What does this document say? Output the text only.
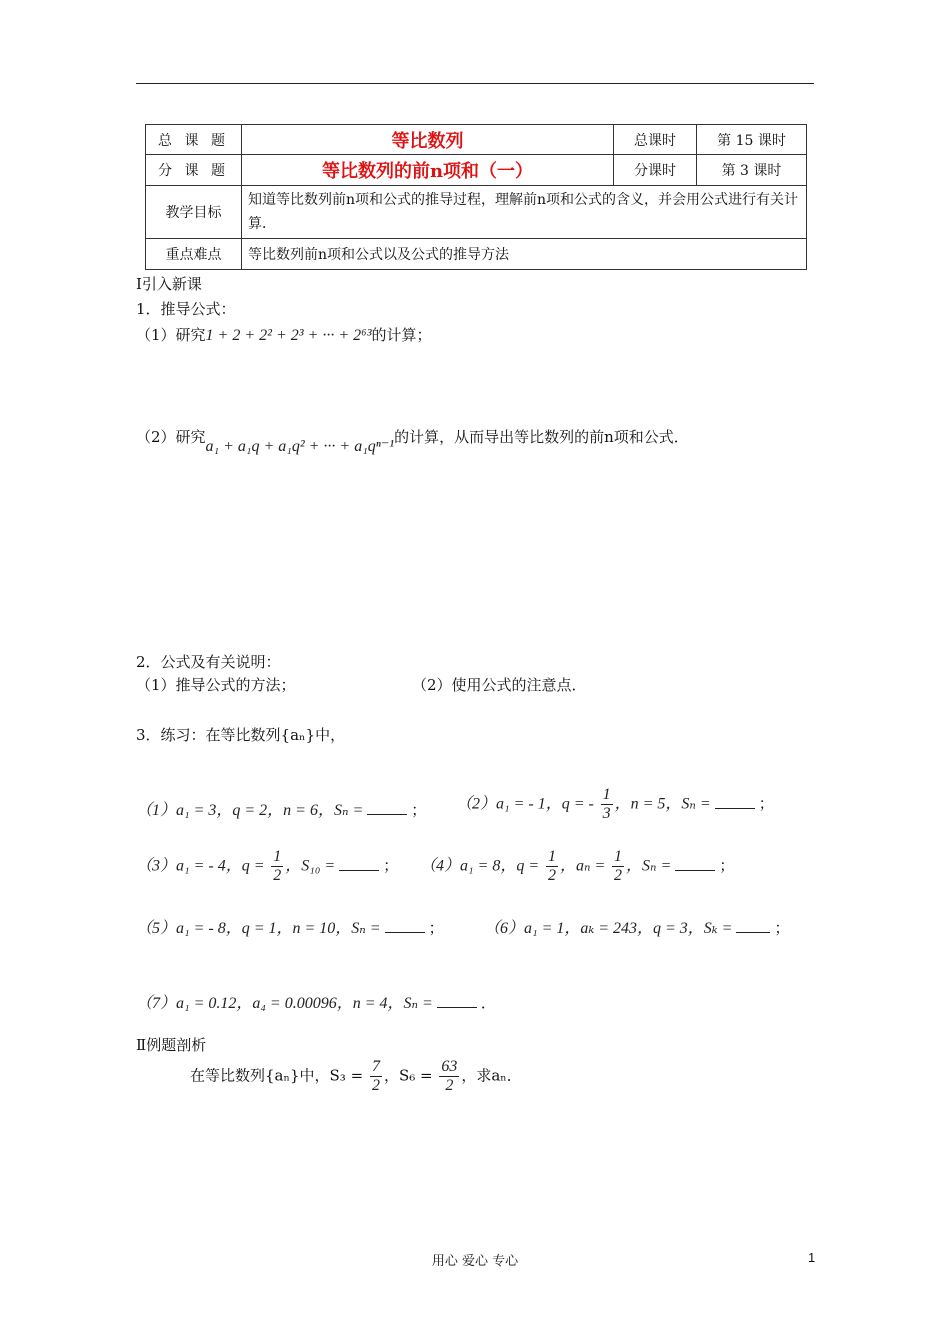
总 课 题	等比数列	总课时	第 15 课时
分 课 题	等比数列的前n项和（一）	分课时	第 3 课时
教学目标	知道等比数列前n项和公式的推导过程，理解前n项和公式的含义，并会用公式进行有关计算．		
重点难点	等比数列前n项和公式以及公式的推导方法		
Ⅰ引入新课
1．推导公式：
（1）研究1 + 2 + 2² + 2³ + ··· + 2⁶³的计算；
（2）研究a₁ + a₁q + a₁q² + ··· + a₁qⁿ⁻¹的计算，从而导出等比数列的前n项和公式．
2．公式及有关说明：
（1）推导公式的方法；	（2）使用公式的注意点．
3．练习：在等比数列{aₙ}中，
（1）a₁ = 3，q = 2，n = 6，Sₙ =	； （2）a₁ = - 1，q = - $\frac{1}{3}$ ，n = 5，Sₙ =	；
（3）a₁ = - 4，$q = \frac{1}{2}$ ，S₁₀ =	； （4）a₁ = 8，$q = \frac{1}{2}$ ，$a_n = \frac{1}{2}$ ，Sₙ =	；
（5）a₁ = - 8，q = 1，n = 10，Sₙ =	；	（6）a₁ = 1，aₖ = 243，q = 3，Sₖ =	；
（7）a₁ = 0.12，a₄ = 0.00096，n = 4，Sₙ =	．
Ⅱ例题剖析
在等比数列{aₙ}中，$S_3 = \frac{7}{2}$ ，$S_6 = \frac{63}{2}$ ，求aₙ．
用心 爱心 专心	1
